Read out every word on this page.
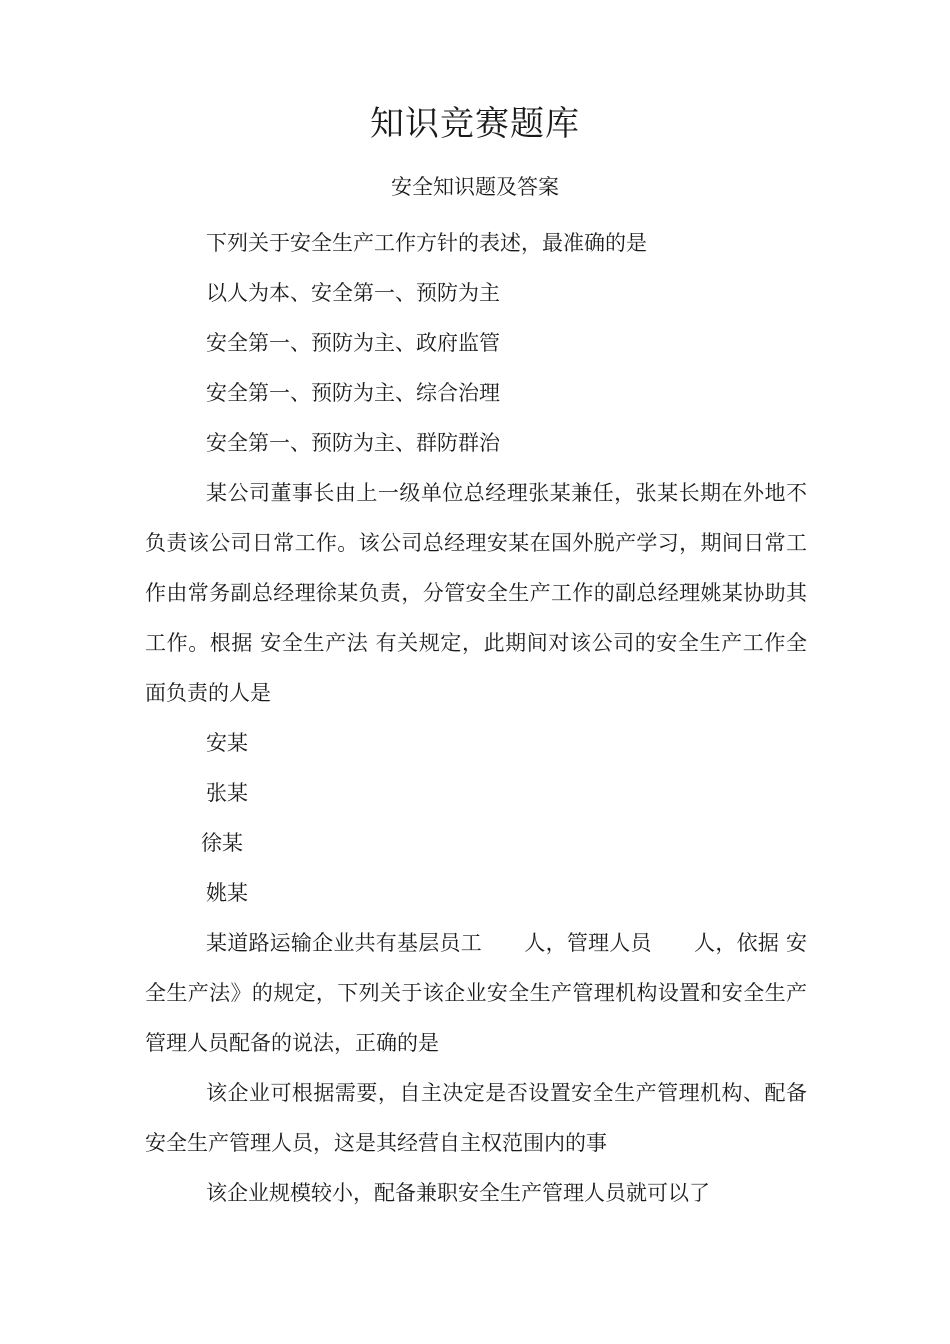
知识竞赛题库
安全知识题及答案

下列关于安全生产工作方针的表述，最准确的是

以人为本、安全第一、预防为主

安全第一、预防为主、政府监管

安全第一、预防为主、综合治理

安全第一、预防为主、群防群治

某公司董事长由上一级单位总经理张某兼任，张某长期在外地不负责该公司日常工作。该公司总经理安某在国外脱产学习，期间日常工作由常务副总经理徐某负责，分管安全生产工作的副总经理姚某协助其工作。根据 安全生产法 有关规定，此期间对该公司的安全生产工作全面负责的人是

安某

张某

徐某

姚某

某道路运输企业共有基层员工　　人，管理人员　　人，依据 安全生产法》的规定，下列关于该企业安全生产管理机构设置和安全生产管理人员配备的说法，正确的是

该企业可根据需要，自主决定是否设置安全生产管理机构、配备安全生产管理人员，这是其经营自主权范围内的事

该企业规模较小，配备兼职安全生产管理人员就可以了
